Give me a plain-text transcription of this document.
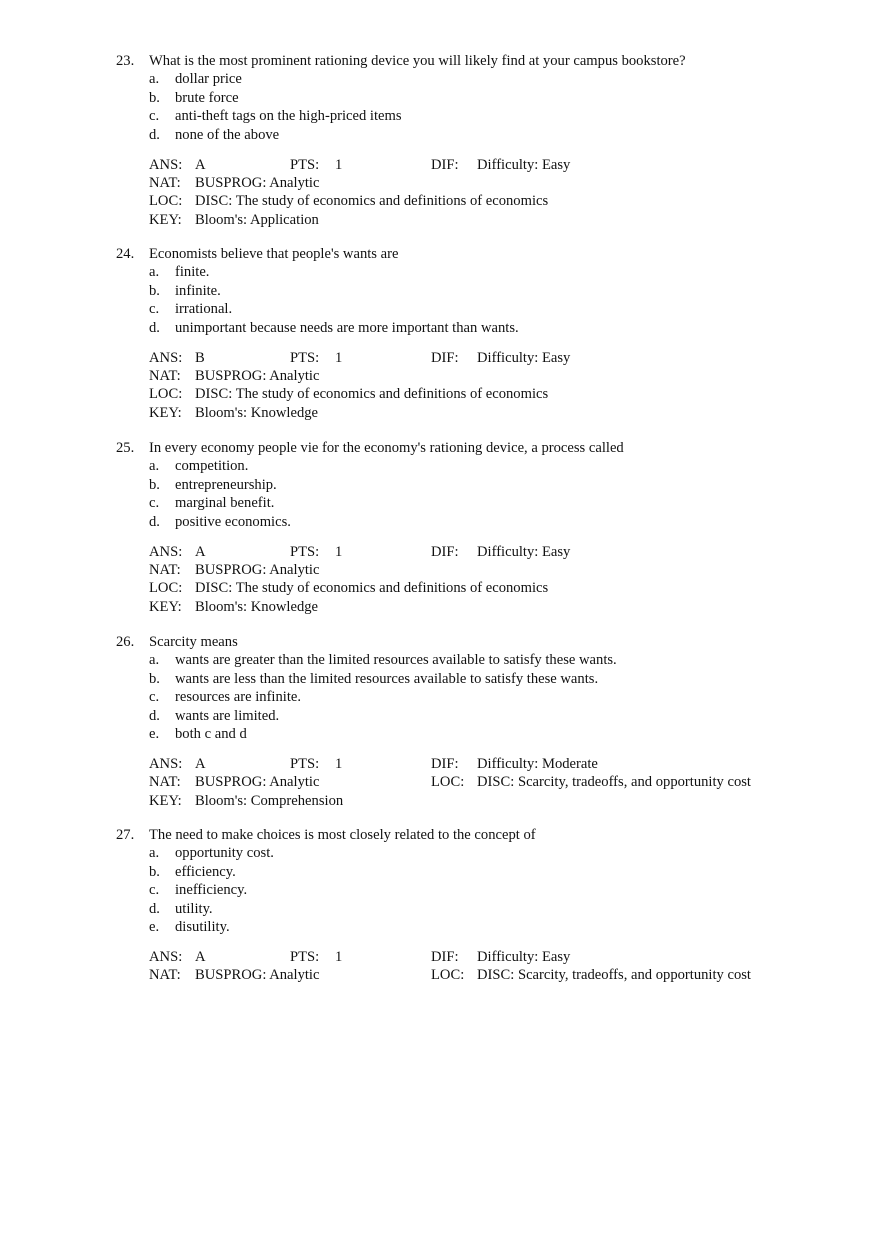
23. What is the most prominent rationing device you will likely find at your campus bookstore?
a. dollar price
b. brute force
c. anti-theft tags on the high-priced items
d. none of the above
ANS: A	PTS: 1	DIF: Difficulty: Easy
NAT: BUSPROG: Analytic
LOC: DISC: The study of economics and definitions of economics
KEY: Bloom's: Application
24. Economists believe that people's wants are
a. finite.
b. infinite.
c. irrational.
d. unimportant because needs are more important than wants.
ANS: B	PTS: 1	DIF: Difficulty: Easy
NAT: BUSPROG: Analytic
LOC: DISC: The study of economics and definitions of economics
KEY: Bloom's: Knowledge
25. In every economy people vie for the economy's rationing device, a process called
a. competition.
b. entrepreneurship.
c. marginal benefit.
d. positive economics.
ANS: A	PTS: 1	DIF: Difficulty: Easy
NAT: BUSPROG: Analytic
LOC: DISC: The study of economics and definitions of economics
KEY: Bloom's: Knowledge
26. Scarcity means
a. wants are greater than the limited resources available to satisfy these wants.
b. wants are less than the limited resources available to satisfy these wants.
c. resources are infinite.
d. wants are limited.
e. both c and d
ANS: A	PTS: 1	DIF: Difficulty: Moderate
NAT: BUSPROG: Analytic	LOC: DISC: Scarcity, tradeoffs, and opportunity cost
KEY: Bloom's: Comprehension
27. The need to make choices is most closely related to the concept of
a. opportunity cost.
b. efficiency.
c. inefficiency.
d. utility.
e. disutility.
ANS: A	PTS: 1	DIF: Difficulty: Easy
NAT: BUSPROG: Analytic	LOC: DISC: Scarcity, tradeoffs, and opportunity cost
